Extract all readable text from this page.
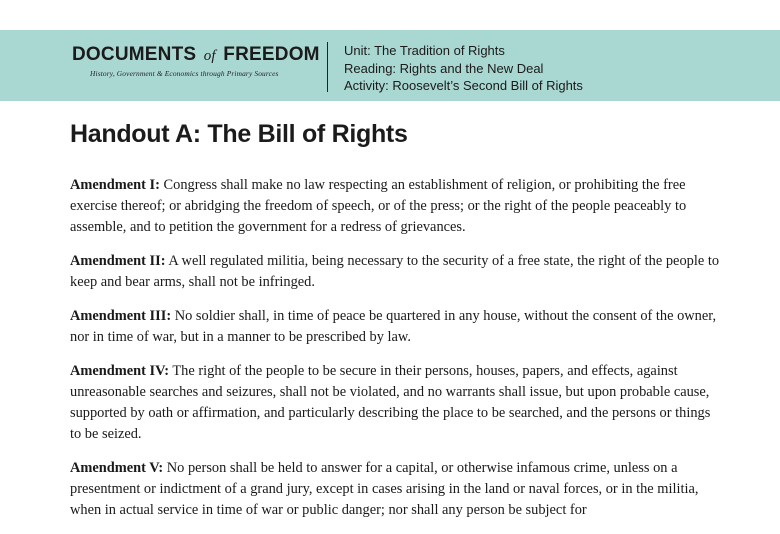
DOCUMENTS of FREEDOM
History, Government & Economics through Primary Sources
Unit: The Tradition of Rights
Reading: Rights and the New Deal
Activity: Roosevelt’s Second Bill of Rights
Handout A: The Bill of Rights

Amendment I: Congress shall make no law respecting an establishment of religion, or prohibiting the free exercise thereof; or abridging the freedom of speech, or of the press; or the right of the people peaceably to assemble, and to petition the government for a redress of grievances.

Amendment II: A well regulated militia, being necessary to the security of a free state, the right of the people to keep and bear arms, shall not be infringed.

Amendment III: No soldier shall, in time of peace be quartered in any house, without the consent of the owner, nor in time of war, but in a manner to be prescribed by law.

Amendment IV: The right of the people to be secure in their persons, houses, papers, and effects, against unreasonable searches and seizures, shall not be violated, and no warrants shall issue, but upon probable cause, supported by oath or affirmation, and particularly describing the place to be searched, and the persons or things to be seized.

Amendment V: No person shall be held to answer for a capital, or otherwise infamous crime, unless on a presentment or indictment of a grand jury, except in cases arising in the land or naval forces, or in the militia, when in actual service in time of war or public danger; nor shall any person be subject for
